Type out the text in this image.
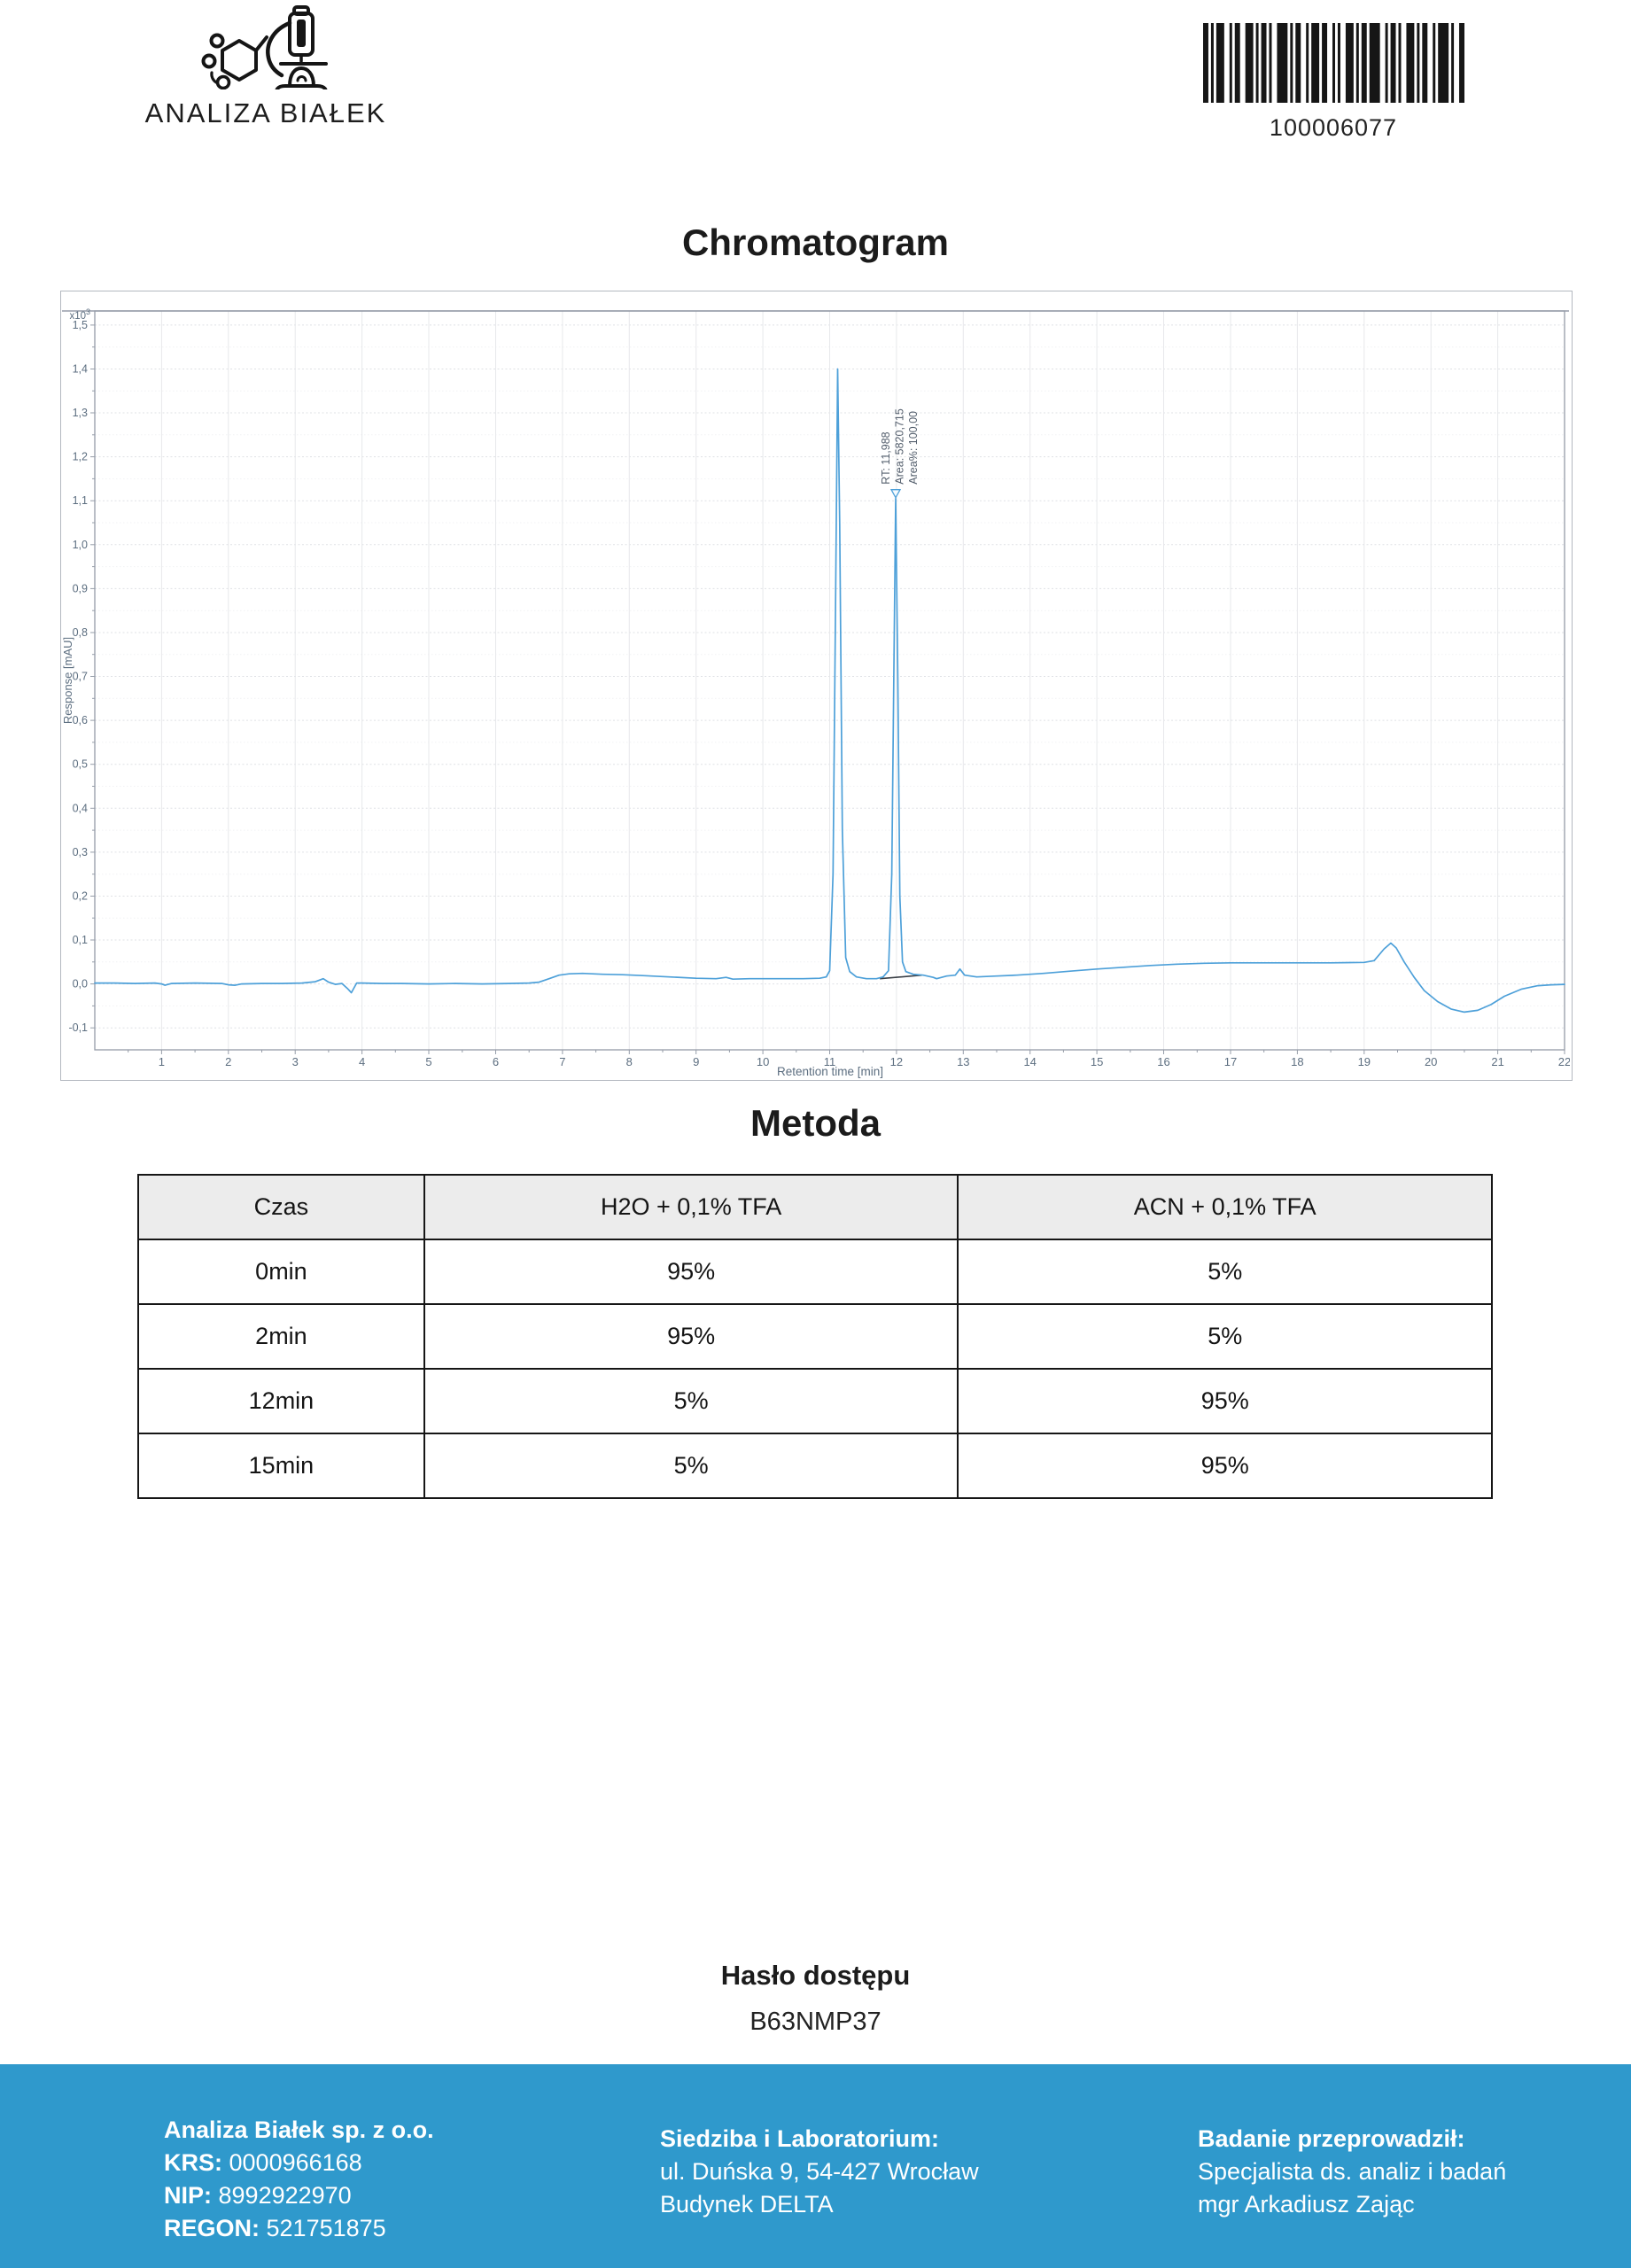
ANALIZA BIAŁEK	100006077
Chromatogram
1	2	3	4	5	6	7	8	9	10	11	12	13	14	15	16	17	18	19	20	21	22
-0,1
0,0
0,1
0,2
0,3
0,4
0,5
0,6
0,7
0,8
0,9
1,0
1,1
1,2
1,3
1,4
1,5
$x10^3$
Response [mAU]
Retention time [min]
RT: 11,988 Area: 5820,715 Area%: 100,00
Metoda
Czas	H2O + 0,1% TFA	ACN + 0,1% TFA
0min	95%	5%
2min	95%	5%
12min	5%	95%
15min	5%	95%
Hasło dostępu
B63NMP37
Analiza Białek sp. z o.o.
KRS: 0000966168
NIP: 8992922970
REGON: 521751875
Siedziba i Laboratorium:
ul. Duńska 9, 54-427 Wrocław
Budynek DELTA
Badanie przeprowadził:
Specjalista ds. analiz i badań
mgr Arkadiusz Zając
